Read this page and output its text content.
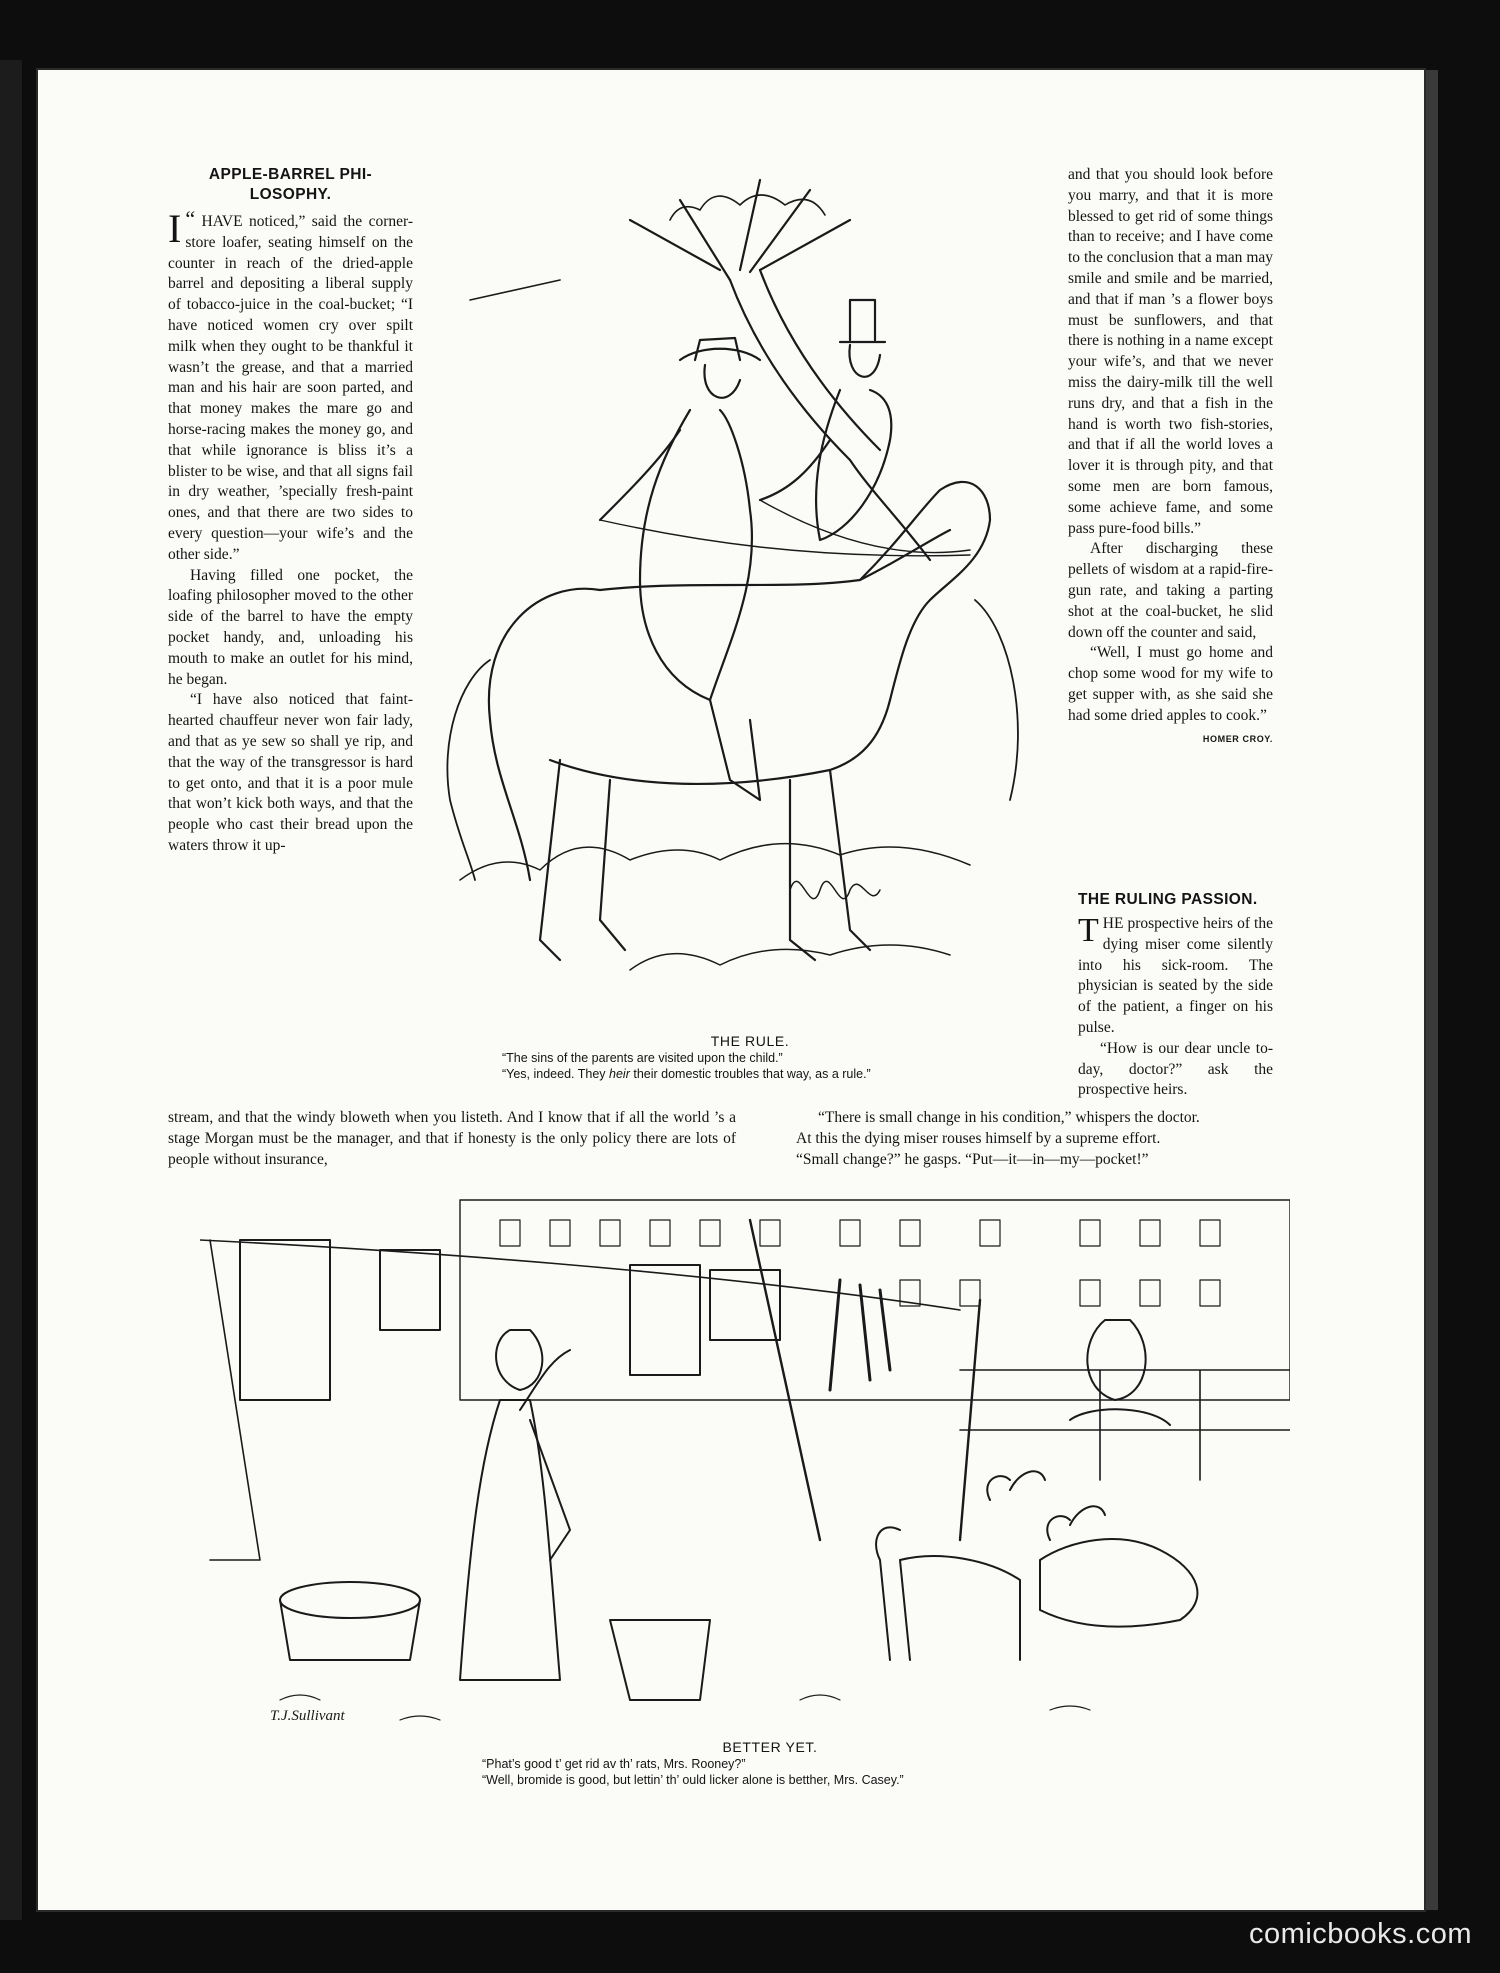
APPLE-BARREL PHI-
LOSOPHY.

“
I HAVE noticed,” said the corner-store loafer, seating himself on the counter in reach of the dried-apple barrel and depositing a liberal supply of tobacco-juice in the coal-bucket; “I have noticed women cry over spilt milk when they ought to be thankful it wasn’t the grease, and that a married man and his hair are soon parted, and that money makes the mare go and horse-racing makes the money go, and that while ignorance is bliss it’s a blister to be wise, and that all signs fail in dry weather, ’specially fresh-paint ones, and that there are two sides to every question—your wife’s and the other side.”

Having filled one pocket, the loafing philosopher moved to the other side of the barrel to have the empty pocket handy, and, unloading his mouth to make an outlet for his mind, he began.

“I have also noticed that faint-hearted chauffeur never won fair lady, and that as ye sew so shall ye rip, and that the way of the transgressor is hard to get onto, and that it is a poor mule that won’t kick both ways, and that the people who cast their bread upon the waters throw it up-

stream, and that the windy bloweth when you listeth. And I know that if all the world ’s a stage Morgan must be the manager, and that if honesty is the only policy there are lots of people without insurance,

and that you should look before you marry, and that it is more blessed to get rid of some things than to receive; and I have come to the conclusion that a man may smile and smile and be married, and that if man ’s a flower boys must be sunflowers, and that there is nothing in a name except your wife’s, and that we never miss the dairy-milk till the well runs dry, and that a fish in the hand is worth two fish-stories, and that if all the world loves a lover it is through pity, and that some men are born famous, some achieve fame, and some pass pure-food bills.”

After discharging these pellets of wisdom at a rapid-fire-gun rate, and taking a parting shot at the coal-bucket, he slid down off the counter and said,

“Well, I must go home and chop some wood for my wife to get supper with, as she said she had some dried apples to cook.”

HOMER CROY.
THE RULING PASSION.

THE prospective heirs of the dying miser come silently into his sick-room. The physician is seated by the side of the patient, a finger on his pulse.

“How is our dear uncle to-day, doctor?” ask the prospective heirs.

“There is small change in his condition,” whispers the doctor.

At this the dying miser rouses himself by a supreme effort.

“Small change?” he gasps. “Put—it—in—my—pocket!”

THE RULE.
“The sins of the parents are visited upon the child.”
“Yes, indeed. They heir their domestic troubles that way, as a rule.”
T.J.Sullivant
BETTER YET.
“Phat’s good t’ get rid av th’ rats, Mrs. Rooney?”
“Well, bromide is good, but lettin’ th’ ould licker alone is betther, Mrs. Casey.”
comicbooks.com
